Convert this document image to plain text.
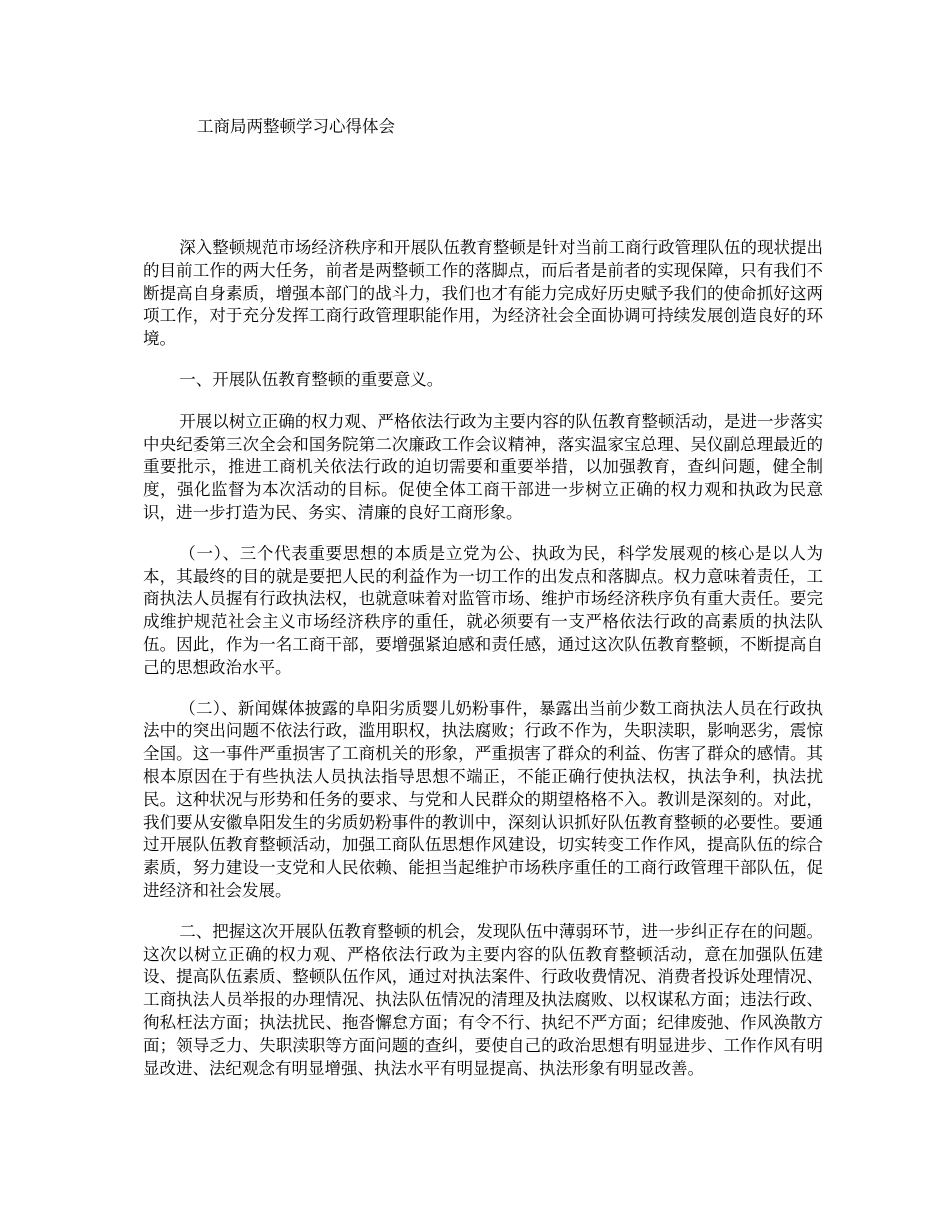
工商局两整顿学习心得体会

深入整顿规范市场经济秩序和开展队伍教育整顿是针对当前工商行政管理队伍的现状提出的目前工作的两大任务，前者是两整顿工作的落脚点，而后者是前者的实现保障，只有我们不断提高自身素质，增强本部门的战斗力，我们也才有能力完成好历史赋予我们的使命抓好这两项工作，对于充分发挥工商行政管理职能作用，为经济社会全面协调可持续发展创造良好的环境。

一、开展队伍教育整顿的重要意义。

开展以树立正确的权力观、严格依法行政为主要内容的队伍教育整顿活动，是进一步落实中央纪委第三次全会和国务院第二次廉政工作会议精神，落实温家宝总理、吴仪副总理最近的重要批示，推进工商机关依法行政的迫切需要和重要举措，以加强教育，查纠问题，健全制度，强化监督为本次活动的目标。促使全体工商干部进一步树立正确的权力观和执政为民意识，进一步打造为民、务实、清廉的良好工商形象。

（一）、三个代表重要思想的本质是立党为公、执政为民，科学发展观的核心是以人为本，其最终的目的就是要把人民的利益作为一切工作的出发点和落脚点。权力意味着责任，工商执法人员握有行政执法权，也就意味着对监管市场、维护市场经济秩序负有重大责任。要完成维护规范社会主义市场经济秩序的重任，就必须要有一支严格依法行政的高素质的执法队伍。因此，作为一名工商干部，要增强紧迫感和责任感，通过这次队伍教育整顿，不断提高自己的思想政治水平。

（二）、新闻媒体披露的阜阳劣质婴儿奶粉事件，暴露出当前少数工商执法人员在行政执法中的突出问题不依法行政，滥用职权，执法腐败；行政不作为，失职渎职，影响恶劣，震惊全国。这一事件严重损害了工商机关的形象，严重损害了群众的利益、伤害了群众的感情。其根本原因在于有些执法人员执法指导思想不端正，不能正确行使执法权，执法争利，执法扰民。这种状况与形势和任务的要求、与党和人民群众的期望格格不入。教训是深刻的。对此，我们要从安徽阜阳发生的劣质奶粉事件的教训中，深刻认识抓好队伍教育整顿的必要性。要通过开展队伍教育整顿活动，加强工商队伍思想作风建设，切实转变工作作风，提高队伍的综合素质，努力建设一支党和人民依赖、能担当起维护市场秩序重任的工商行政管理干部队伍，促进经济和社会发展。

二、把握这次开展队伍教育整顿的机会，发现队伍中薄弱环节，进一步纠正存在的问题。这次以树立正确的权力观、严格依法行政为主要内容的队伍教育整顿活动，意在加强队伍建设、提高队伍素质、整顿队伍作风，通过对执法案件、行政收费情况、消费者投诉处理情况、工商执法人员举报的办理情况、执法队伍情况的清理及执法腐败、以权谋私方面；违法行政、徇私枉法方面；执法扰民、拖沓懈怠方面；有令不行、执纪不严方面；纪律废弛、作风涣散方面；领导乏力、失职渎职等方面问题的查纠，要使自己的政治思想有明显进步、工作作风有明显改进、法纪观念有明显增强、执法水平有明显提高、执法形象有明显改善。
